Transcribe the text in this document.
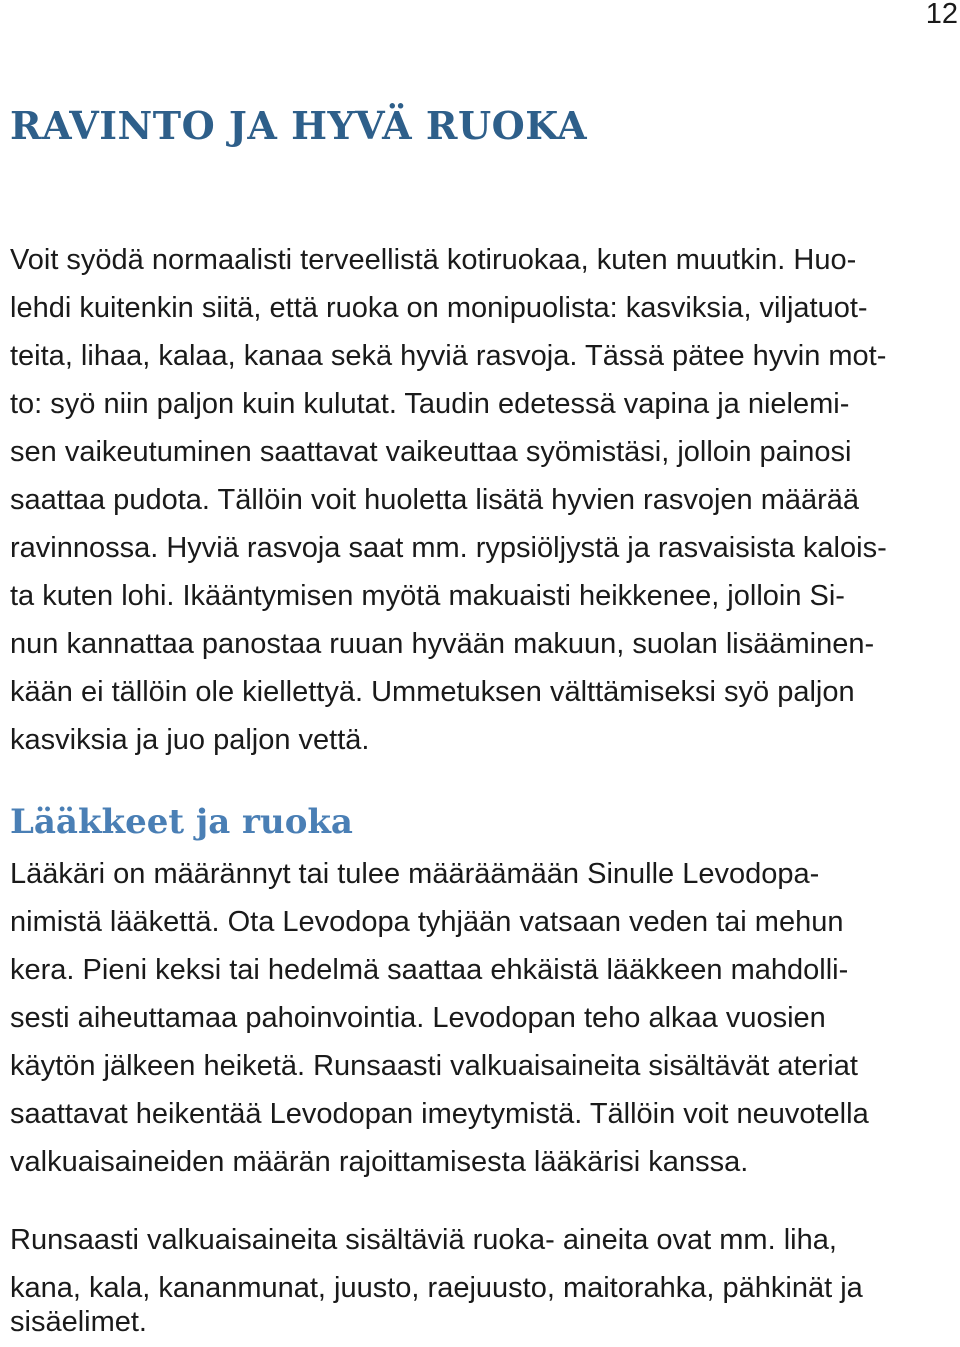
12
RAVINTO JA HYVÄ RUOKA

Voit syödä normaalisti terveellistä kotiruokaa, kuten muutkin. Huo-

lehdi kuitenkin siitä, että ruoka on monipuolista: kasviksia, viljatuot-

teita, lihaa, kalaa, kanaa sekä hyviä rasvoja. Tässä pätee hyvin mot-

to: syö niin paljon kuin kulutat. Taudin edetessä vapina ja nielemi-

sen vaikeutuminen saattavat vaikeuttaa syömistäsi, jolloin painosi

saattaa pudota. Tällöin voit huoletta lisätä hyvien rasvojen määrää

ravinnossa. Hyviä rasvoja saat mm. rypsiöljystä ja rasvaisista kalois-

ta kuten lohi. Ikääntymisen myötä makuaisti heikkenee, jolloin Si-

nun kannattaa panostaa ruuan hyvään makuun, suolan lisääminen-

kään ei tällöin ole kiellettyä. Ummetuksen välttämiseksi syö paljon

kasviksia ja juo paljon vettä.

Lääkkeet ja ruoka

Lääkäri on määrännyt tai tulee määräämään Sinulle Levodopa-

nimistä lääkettä. Ota Levodopa tyhjään vatsaan veden tai mehun

kera. Pieni keksi tai hedelmä saattaa ehkäistä lääkkeen mahdolli-

sesti aiheuttamaa pahoinvointia. Levodopan teho alkaa vuosien

käytön jälkeen heiketä. Runsaasti valkuaisaineita sisältävät ateriat

saattavat heikentää Levodopan imeytymistä. Tällöin voit neuvotella

valkuaisaineiden määrän rajoittamisesta lääkärisi kanssa.

Runsaasti valkuaisaineita sisältäviä ruoka- aineita ovat mm. liha,

kana, kala, kananmunat, juusto, raejuusto, maitorahka, pähkinät ja

sisäelimet.
